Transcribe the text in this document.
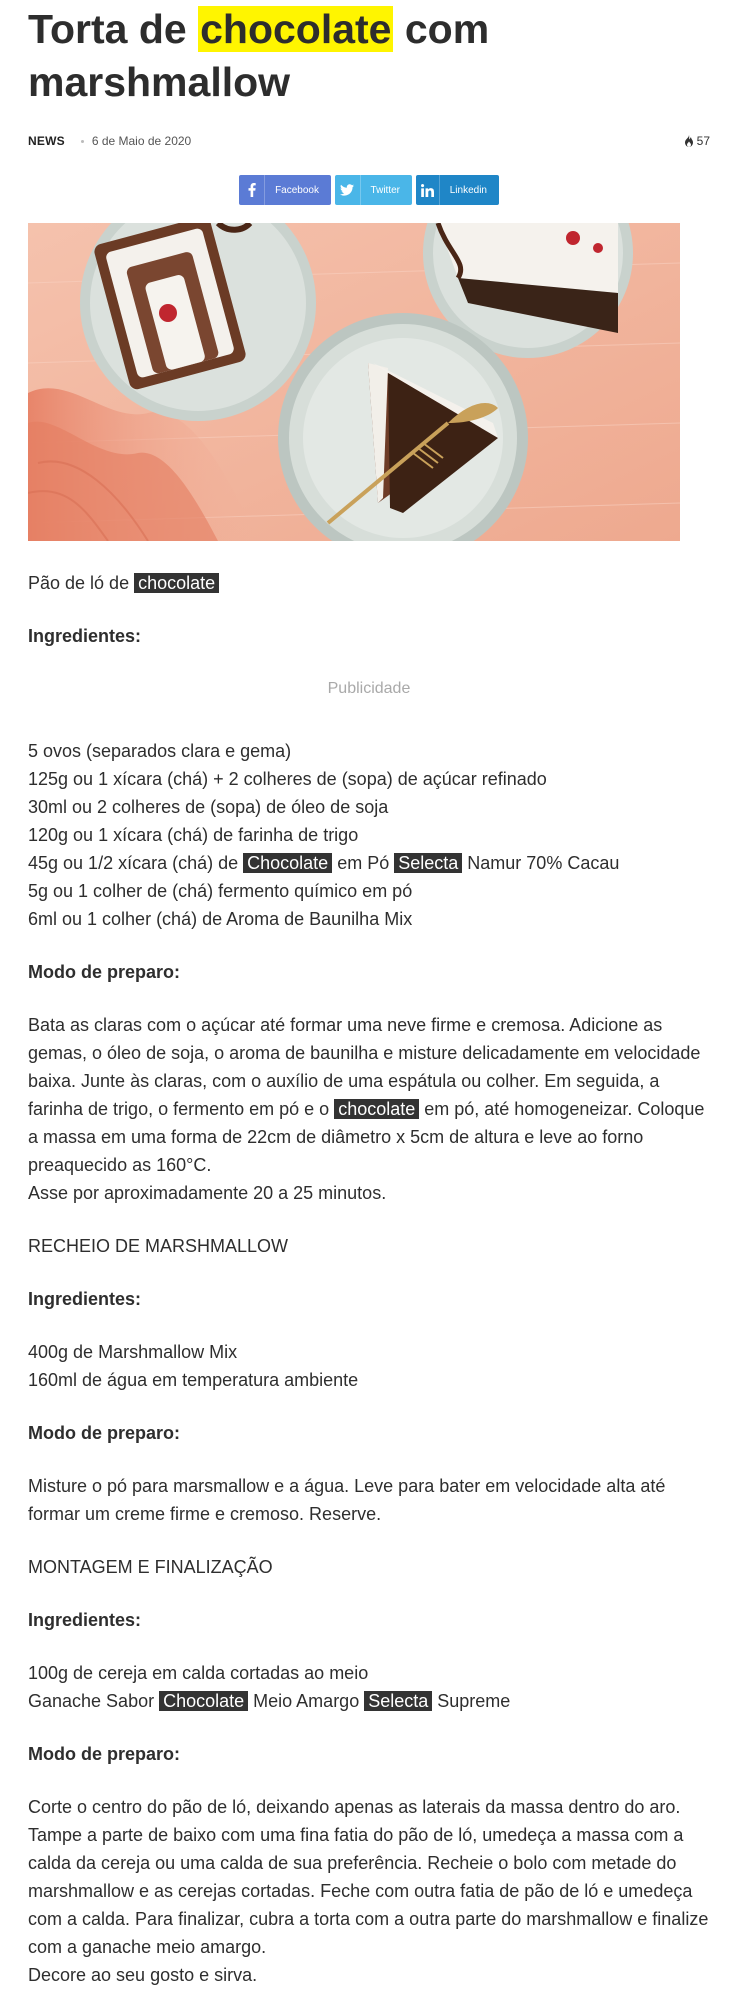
Torta de chocolate com marshmallow
NEWS 6 de Maio de 2020	57
Facebook	Twitter	Linkedin

Pão de ló de chocolate

Ingredientes:

Publicidade

5 ovos (separados clara e gema)

125g ou 1 xícara (chá) + 2 colheres de (sopa) de açúcar refinado

30ml ou 2 colheres de (sopa) de óleo de soja

120g ou 1 xícara (chá) de farinha de trigo

45g ou 1/2 xícara (chá) de Chocolate em Pó Selecta Namur 70% Cacau

5g ou 1 colher de (chá) fermento químico em pó

6ml ou 1 colher (chá) de Aroma de Baunilha Mix

Modo de preparo:

Bata as claras com o açúcar até formar uma neve firme e cremosa. Adicione as gemas, o óleo de soja, o aroma de baunilha e misture delicadamente em velocidade baixa. Junte às claras, com o auxílio de uma espátula ou colher. Em seguida, a farinha de trigo, o fermento em pó e o chocolate em pó, até homogeneizar. Coloque a massa em uma forma de 22cm de diâmetro x 5cm de altura e leve ao forno preaquecido as 160°C.

Asse por aproximadamente 20 a 25 minutos.

RECHEIO DE MARSHMALLOW

Ingredientes:

400g de Marshmallow Mix

160ml de água em temperatura ambiente

Modo de preparo:

Misture o pó para marsmallow e a água. Leve para bater em velocidade alta até formar um creme firme e cremoso. Reserve.

MONTAGEM E FINALIZAÇÃO

Ingredientes:

100g de cereja em calda cortadas ao meio

Ganache Sabor Chocolate Meio Amargo Selecta Supreme

Modo de preparo:

Corte o centro do pão de ló, deixando apenas as laterais da massa dentro do aro. Tampe a parte de baixo com uma fina fatia do pão de ló, umedeça a massa com a calda da cereja ou uma calda de sua preferência. Recheie o bolo com metade do marshmallow e as cerejas cortadas. Feche com outra fatia de pão de ló e umedeça com a calda. Para finalizar, cubra a torta com a outra parte do marshmallow e finalize com a ganache meio amargo.

Decore ao seu gosto e sirva.
